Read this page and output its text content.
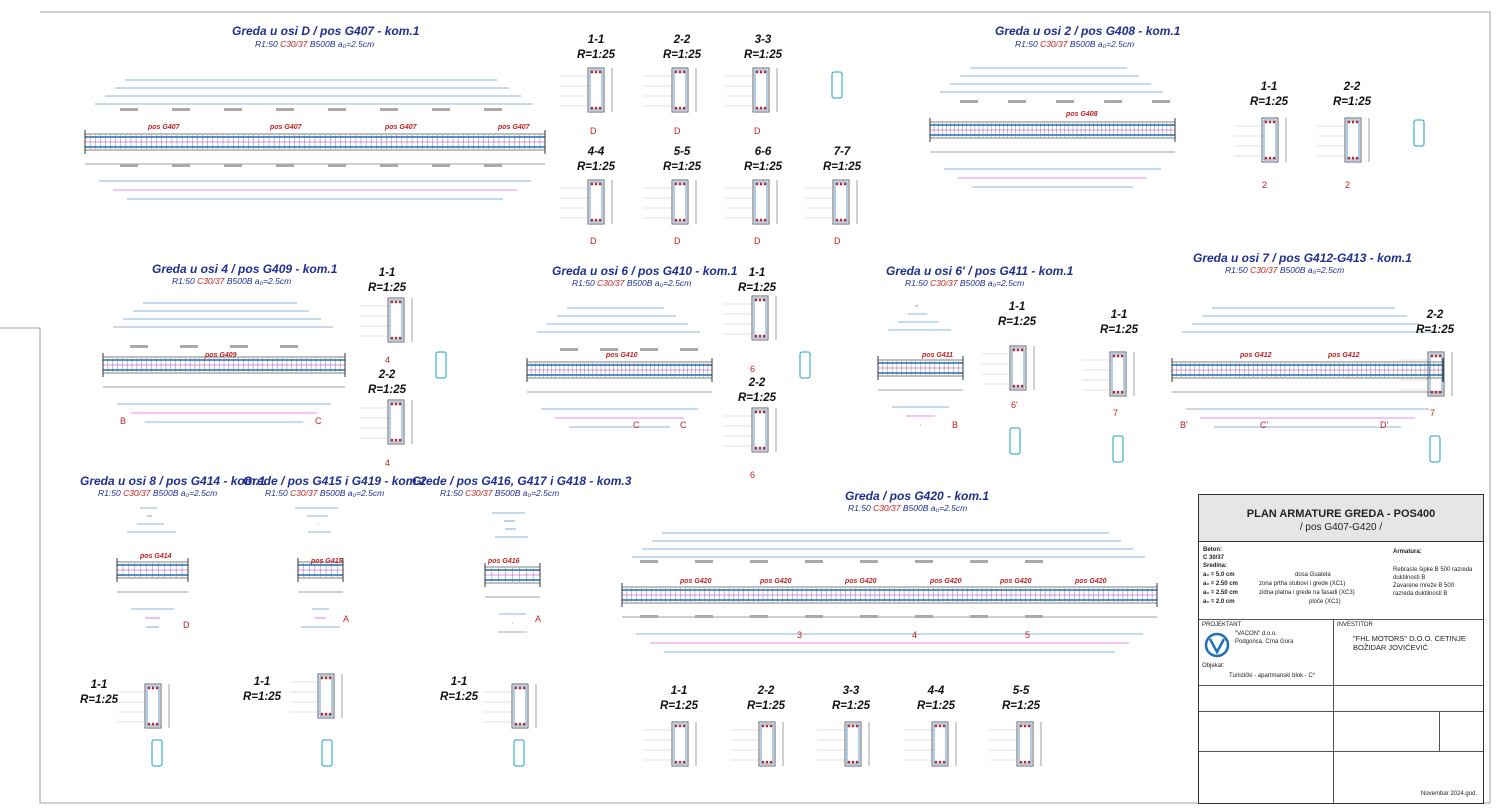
Greda u osi D / pos G407 - kom.1
R1:50 C30/37 B500B a₀=2.5cm
Greda u osi 2 / pos G408 - kom.1
R1:50 C30/37 B500B a₀=2.5cm
Greda u osi 4 / pos G409 - kom.1
R1:50 C30/37 B500B a₀=2.5cm
Greda u osi 6 / pos G410 - kom.1
R1:50 C30/37 B500B a₀=2.5cm
Greda u osi 6' / pos G411 - kom.1
R1:50 C30/37 B500B a₀=2.5cm
Greda u osi 7 / pos G412-G413 - kom.1
R1:50 C30/37 B500B a₀=2.5cm
Greda u osi 8 / pos G414 - kom.1
R1:50 C30/37 B500B a₀=2.5cm
Grede / pos G415 i G419 - kom.2
R1:50 C30/37 B500B a₀=2.5cm
Grede / pos G416, G417 i G418 - kom.3
R1:50 C30/37 B500B a₀=2.5cm	Greda / pos G420 - kom.1
R1:50 C30/37 B500B a₀=2.5cm
pos G407	pos G407	pos G407	pos G407
pos G408
pos G409	pos G410	pos G411	pos G412	pos G412
pos G414
pos G415	pos G416
pos G420	pos G420	pos G420	pos G420	pos G420	pos G420
1-1
R=1:25
2-2
R=1:25
3-3
R=1:25
4-4
R=1:25
5-5
R=1:25
6-6
R=1:25
7-7
R=1:25
1-1
R=1:25
2-2
R=1:25
1-1
R=1:25
2-2
R=1:25
1-1
R=1:25
2-2
R=1:25
1-1
R=1:25
1-1
R=1:25
2-2
R=1:25
1-1
R=1:25
1-1
R=1:25
1-1
R=1:25	1-1
R=1:25
2-2
R=1:25
3-3
R=1:25
4-4
R=1:25
5-5
R=1:25
D	D	D
D	D	D	D
2	2
4
4
6
6
6'
7	7
B	C	C	C	B	B'	C'	D'
D
A	A
3	4	5
PLAN ARMATURE GREDA - POS400
/ pos G407-G420 /
Beton:
C 30/37
Sredina:
a₀ = 5.0 cm	dosa Guatela
a₀ = 2.50 cm	zona prtha stubovi i grede (XC1)
a₀ = 2.50 cm	zidna platna i grede na fasadi (XC3)
a₀ = 2.0 cm	ploče (XC1)
Armatura:
Rebraste šipke B 500 razreda
duktilnosti B
Zavarene mreže B 500
razreda duktilnosti B
PROJEKTANT	INVESTITOR
"VACON" d.o.o.
Podgorica, Crna Gora	"FHL MOTORS" D.O.O. CETINJE
BOŽIDAR JOVIĆEVIĆ
Objekat:
Turistički - apartmanski blok - C*
Novembar 2024.god.
